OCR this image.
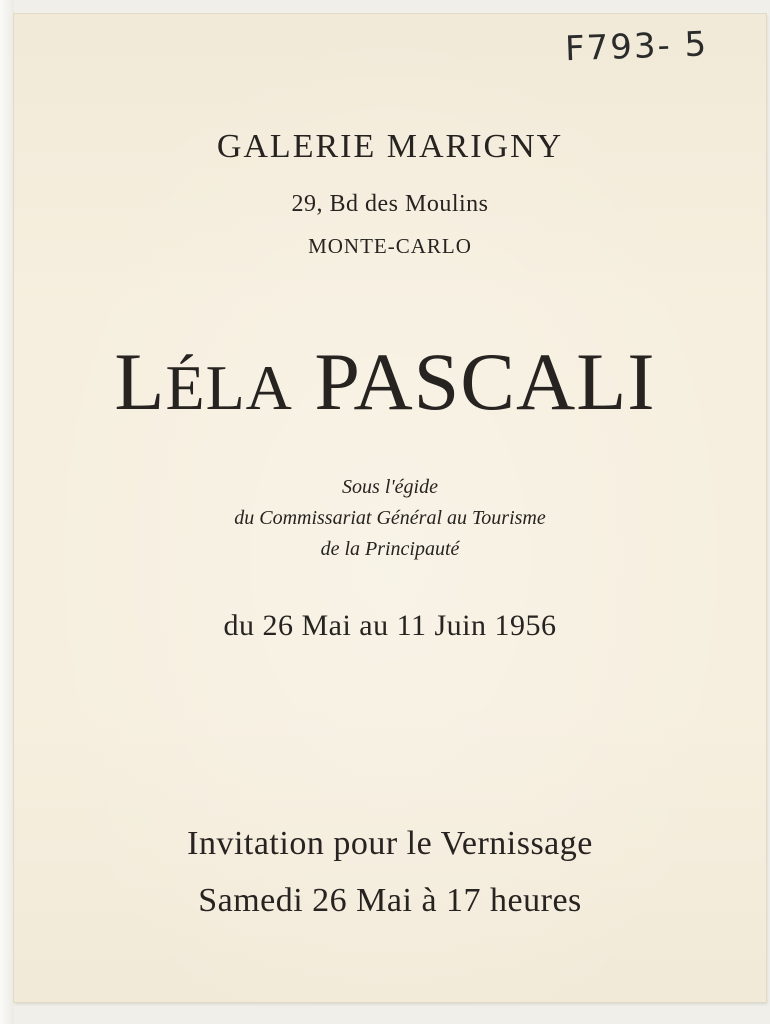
F793- 5
GALERIE MARIGNY
29, Bd des Moulins
MONTE-CARLO
LÉLA PASCALI
Sous l'égide
du Commissariat Général au Tourisme
de la Principauté
du 26 Mai au 11 Juin 1956
Invitation pour le Vernissage
Samedi 26 Mai à 17 heures
